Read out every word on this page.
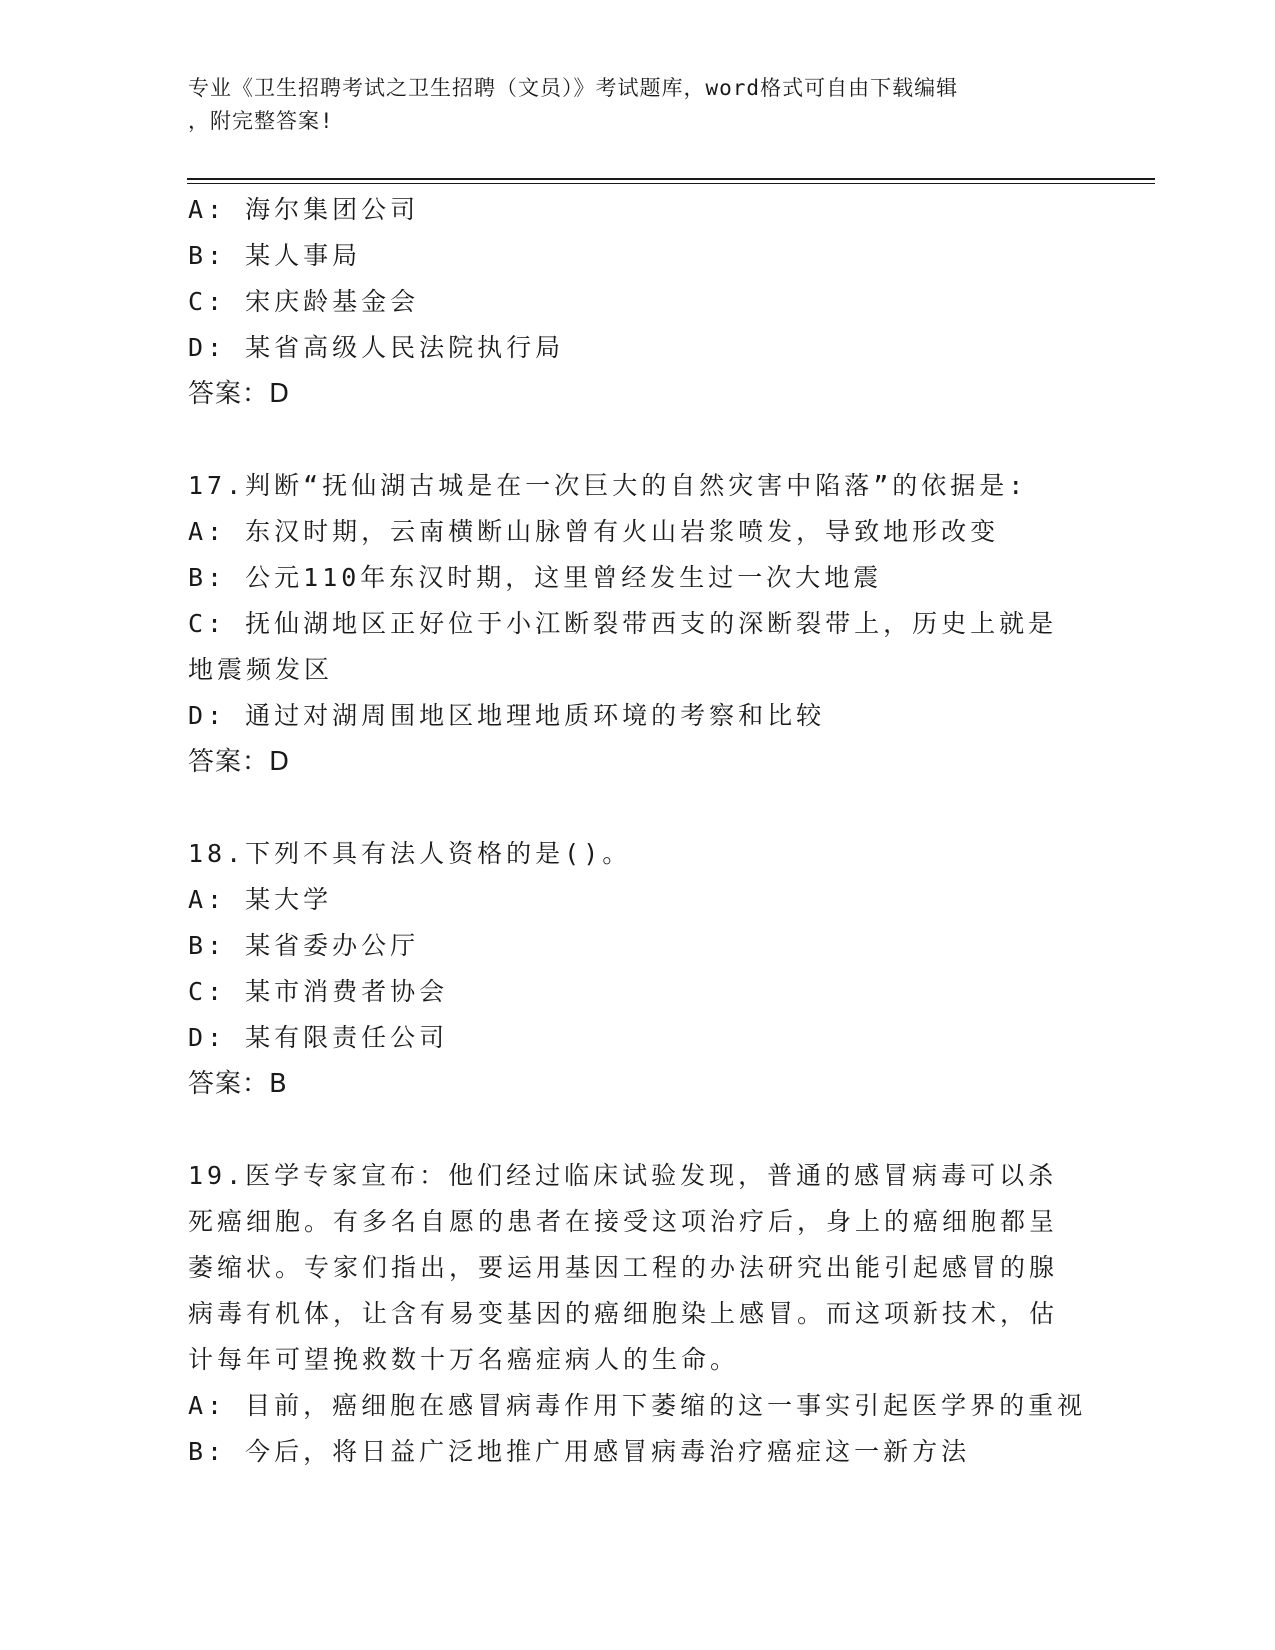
专业《卫生招聘考试之卫生招聘（文员）》考试题库，word格式可自由下载编辑
，附完整答案!
A: 海尔集团公司
B: 某人事局
C: 宋庆龄基金会
D: 某省高级人民法院执行局
答案：D
17.判断“抚仙湖古城是在一次巨大的自然灾害中陷落”的依据是:
A: 东汉时期，云南横断山脉曾有火山岩浆喷发，导致地形改变
B: 公元110年东汉时期，这里曾经发生过一次大地震
C: 抚仙湖地区正好位于小江断裂带西支的深断裂带上，历史上就是地震频发区
D: 通过对湖周围地区地理地质环境的考察和比较
答案：D
18.下列不具有法人资格的是()。
A: 某大学
B: 某省委办公厅
C: 某市消费者协会
D: 某有限责任公司
答案：B
19.医学专家宣布：他们经过临床试验发现，普通的感冒病毒可以杀死癌细胞。有多名自愿的患者在接受这项治疗后，身上的癌细胞都呈萎缩状。专家们指出，要运用基因工程的办法研究出能引起感冒的腺病毒有机体，让含有易变基因的癌细胞染上感冒。而这项新技术，估计每年可望挽救数十万名癌症病人的生命。
A: 目前，癌细胞在感冒病毒作用下萎缩的这一事实引起医学界的重视
B: 今后，将日益广泛地推广用感冒病毒治疗癌症这一新方法
